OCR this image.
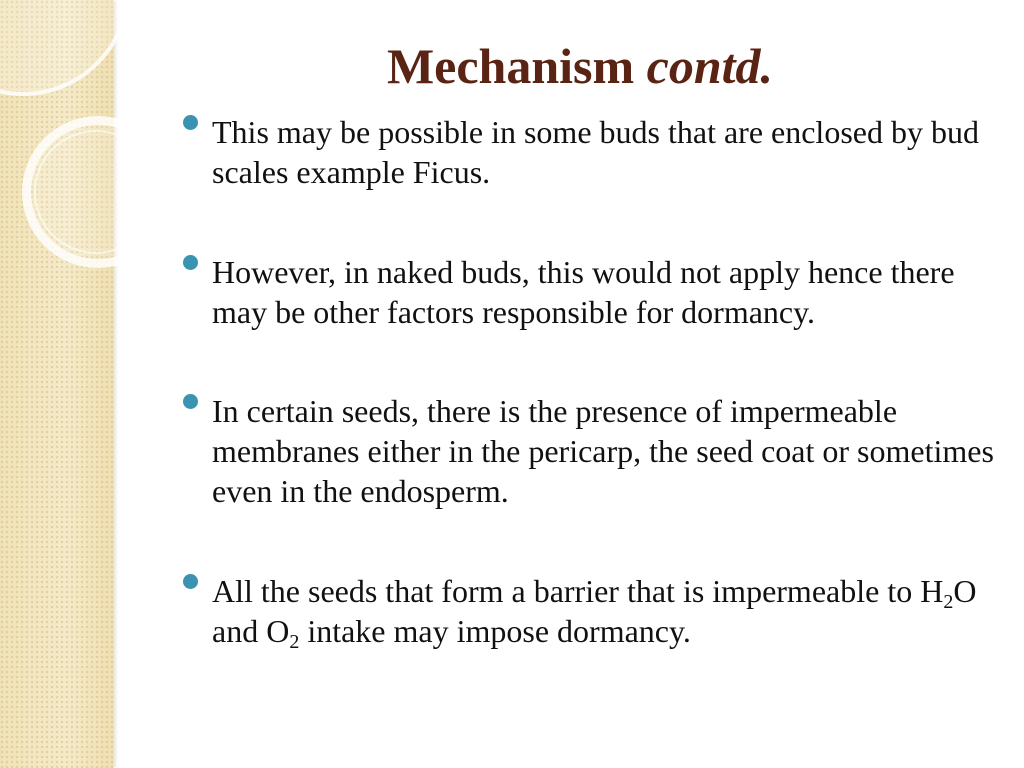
Mechanism contd.
This may be possible in some buds that are enclosed by bud scales example Ficus.
However, in naked buds, this would not apply hence there may be other factors responsible for dormancy.
In certain seeds, there is the presence of impermeable membranes either in the pericarp, the seed coat or sometimes even in the endosperm.
All the seeds that form a barrier that is impermeable to $H_2O$ and $O_2$ intake may impose dormancy.
